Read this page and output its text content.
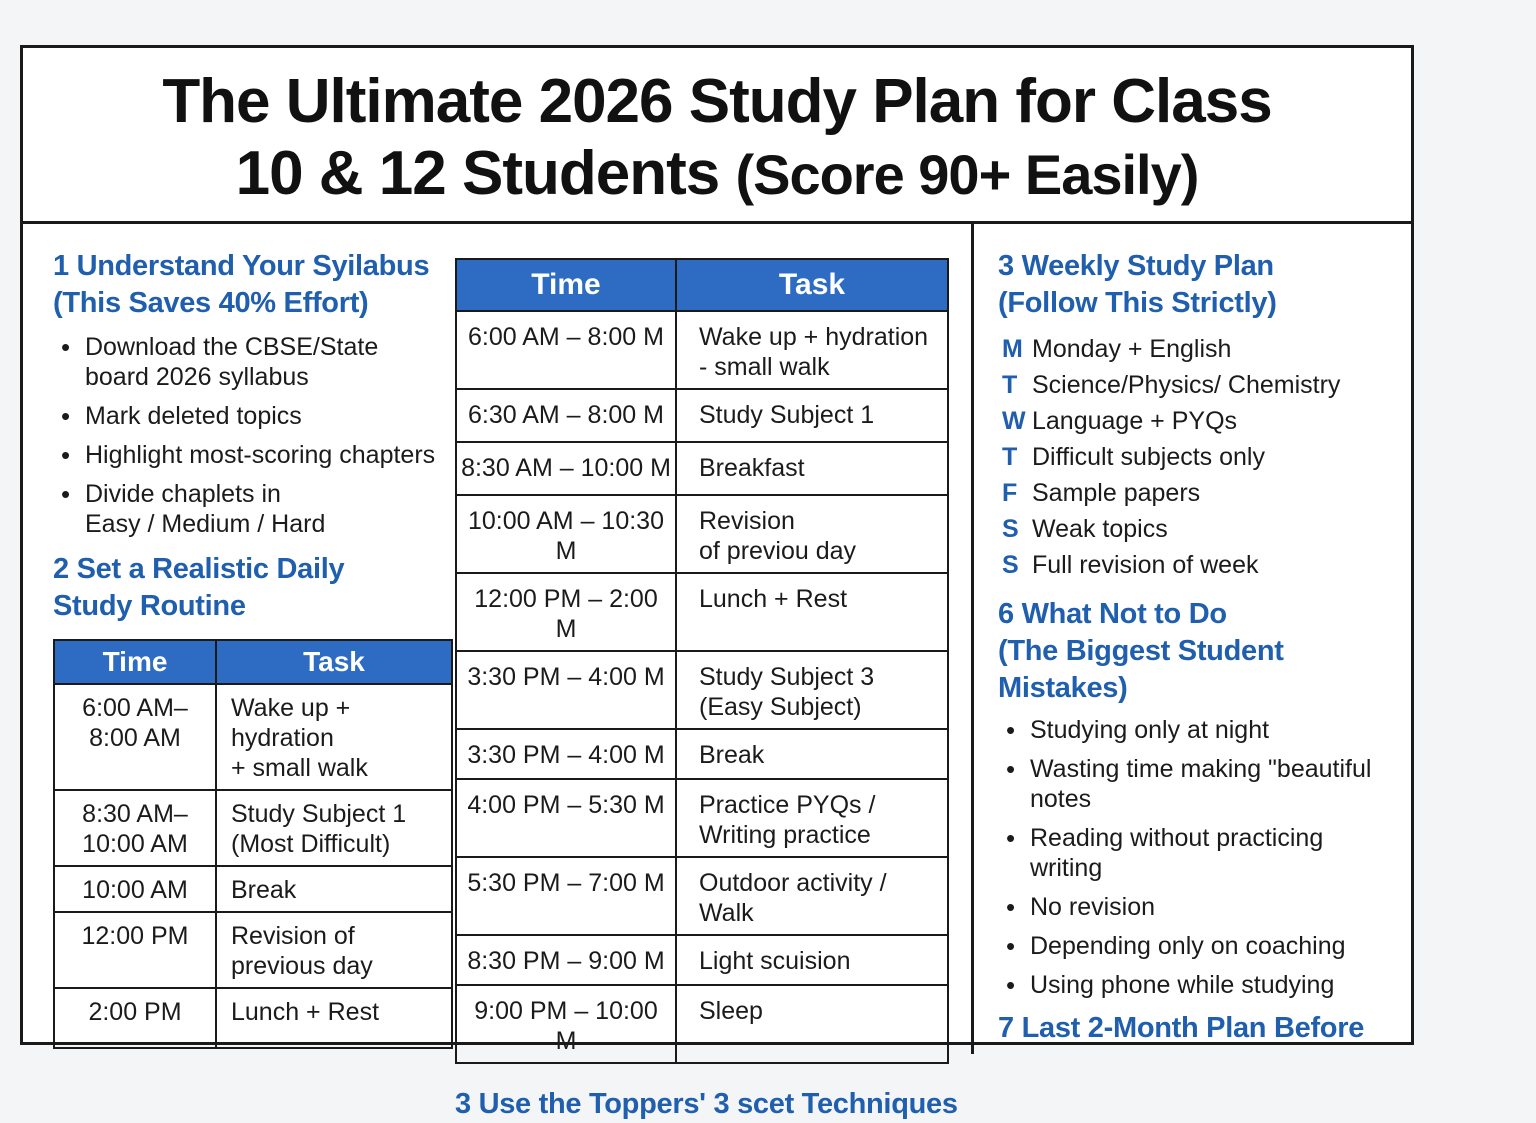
The Ultimate 2026 Study Plan for Class
10 & 12 Students (Score 90+ Easily)
1 Understand Your Syilabus
(This Saves 40% Effort)
• Download the CBSE/State
board 2026 syllabus
• Mark deleted topics
• Highlight most-scoring chapters
• Divide chaplets in
Easy / Medium / Hard
2 Set a Realistic Daily
Study Routine
Time	Task

6:00 AM–
8:00 AM	Wake up +
hydration
+ small walk

8:30 AM–
10:00 AM	Study Subject 1
(Most Difficult)

10:00 AM	Break

12:00 PM	Revision of
previous day

2:00 PM	Lunch + Rest
Time	Task
6:00 AM – 8:00 M	Wake up + hydration
- small walk

6:30 AM – 8:00 M	Study Subject 1

8:30 AM – 10:00 M	Breakfast

10:00 AM – 10:30 M	Revision
of previou day

12:00 PM – 2:00 M	Lunch + Rest

3:30 PM – 4:00 M	Study Subject 3
(Easy Subject)

3:30 PM – 4:00 M	Break

4:00 PM – 5:30 M	Practice PYQs /
Writing practice

5:30 PM – 7:00 M	Outdoor activity /
Walk

8:30 PM – 9:00 M	Light scuision

9:00 PM – 10:00 M	Sleep
3 Use the Toppers' 3 scet Techniques
3 Weekly Study Plan
(Follow This Strictly)
M Monday + English
T Science/Physics/ Chemistry
W Language + PYQs
T Difficult subjects only
F Sample papers
S Weak topics
S Full revision of week
6 What Not to Do
(The Biggest Student Mistakes)
• Studying only at night
• Wasting time making "beautiful
notes
• Reading without practicing
writing
• No revision
• Depending only on coaching
• Using phone while studying
7 Last 2-Month Plan Before
